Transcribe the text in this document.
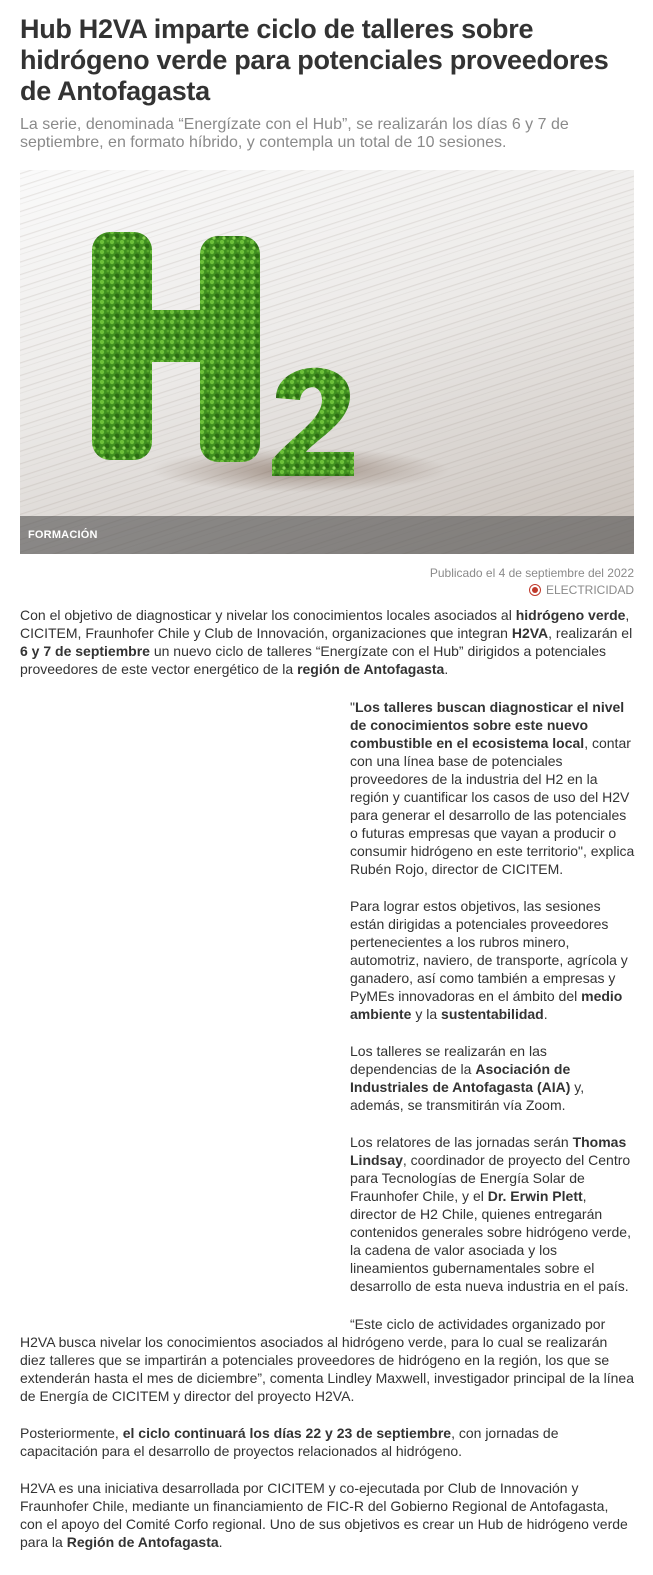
Hub H2VA imparte ciclo de talleres sobre hidrógeno verde para potenciales proveedores de Antofagasta

La serie, denominada “Energízate con el Hub”, se realizarán los días 6 y 7 de septiembre, en formato híbrido, y contempla un total de 10 sesiones.

FORMACIÓN

Publicado el 4 de septiembre del 2022

ELECTRICIDAD

Con el objetivo de diagnosticar y nivelar los conocimientos locales asociados al hidrógeno verde, CICITEM, Fraunhofer Chile y Club de Innovación, organizaciones que integran H2VA, realizarán el 6 y 7 de septiembre un nuevo ciclo de talleres “Energízate con el Hub” dirigidos a potenciales proveedores de este vector energético de la región de Antofagasta.

"Los talleres buscan diagnosticar el nivel de conocimientos sobre este nuevo combustible en el ecosistema local, contar con una línea base de potenciales proveedores de la industria del H2 en la región y cuantificar los casos de uso del H2V para generar el desarrollo de las potenciales o futuras empresas que vayan a producir o consumir hidrógeno en este territorio", explica Rubén Rojo, director de CICITEM.

Para lograr estos objetivos, las sesiones están dirigidas a potenciales proveedores pertenecientes a los rubros minero, automotriz, naviero, de transporte, agrícola y ganadero, así como también a empresas y PyMEs innovadoras en el ámbito del medio ambiente y la sustentabilidad.

Los talleres se realizarán en las dependencias de la Asociación de Industriales de Antofagasta (AIA) y, además, se transmitirán vía Zoom.

Los relatores de las jornadas serán Thomas Lindsay, coordinador de proyecto del Centro para Tecnologías de Energía Solar de Fraunhofer Chile, y el Dr. Erwin Plett, director de H2 Chile, quienes entregarán contenidos generales sobre hidrógeno verde, la cadena de valor asociada y los lineamientos gubernamentales sobre el desarrollo de esta nueva industria en el país.

“Este ciclo de actividades organizado por H2VA busca nivelar los conocimientos asociados al hidrógeno verde, para lo cual se realizarán diez talleres que se impartirán a potenciales proveedores de hidrógeno en la región, los que se extenderán hasta el mes de diciembre”, comenta Lindley Maxwell, investigador principal de la línea de Energía de CICITEM y director del proyecto H2VA.

Posteriormente, el ciclo continuará los días 22 y 23 de septiembre, con jornadas de capacitación para el desarrollo de proyectos relacionados al hidrógeno.

H2VA es una iniciativa desarrollada por CICITEM y co-ejecutada por Club de Innovación y Fraunhofer Chile, mediante un financiamiento de FIC-R del Gobierno Regional de Antofagasta, con el apoyo del Comité Corfo regional. Uno de sus objetivos es crear un Hub de hidrógeno verde para la Región de Antofagasta.
